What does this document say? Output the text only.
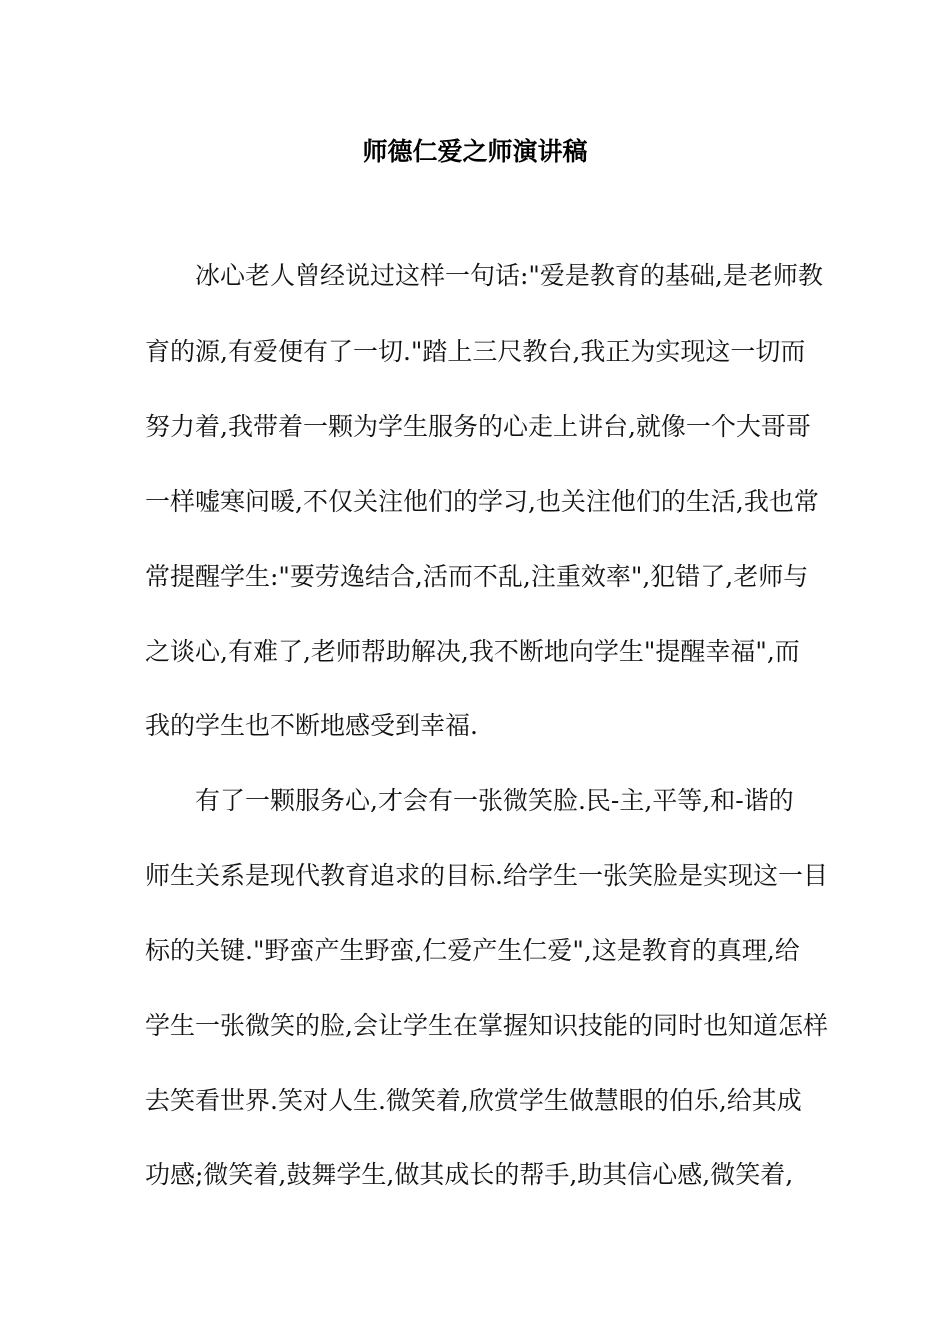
师德仁爱之师演讲稿
　　冰心老人曾经说过这样一句话:"爱是教育的基础,是老师教
育的源,有爱便有了一切."踏上三尺教台,我正为实现这一切而
努力着,我带着一颗为学生服务的心走上讲台,就像一个大哥哥
一样嘘寒问暖,不仅关注他们的学习,也关注他们的生活,我也常
常提醒学生:"要劳逸结合,活而不乱,注重效率",犯错了,老师与
之谈心,有难了,老师帮助解决,我不断地向学生"提醒幸福",而
我的学生也不断地感受到幸福.
　　有了一颗服务心,才会有一张微笑脸.民-主,平等,和-谐的
师生关系是现代教育追求的目标.给学生一张笑脸是实现这一目
标的关键."野蛮产生野蛮,仁爱产生仁爱",这是教育的真理,给
学生一张微笑的脸,会让学生在掌握知识技能的同时也知道怎样
去笑看世界.笑对人生.微笑着,欣赏学生做慧眼的伯乐,给其成
功感;微笑着,鼓舞学生,做其成长的帮手,助其信心感,微笑着,
